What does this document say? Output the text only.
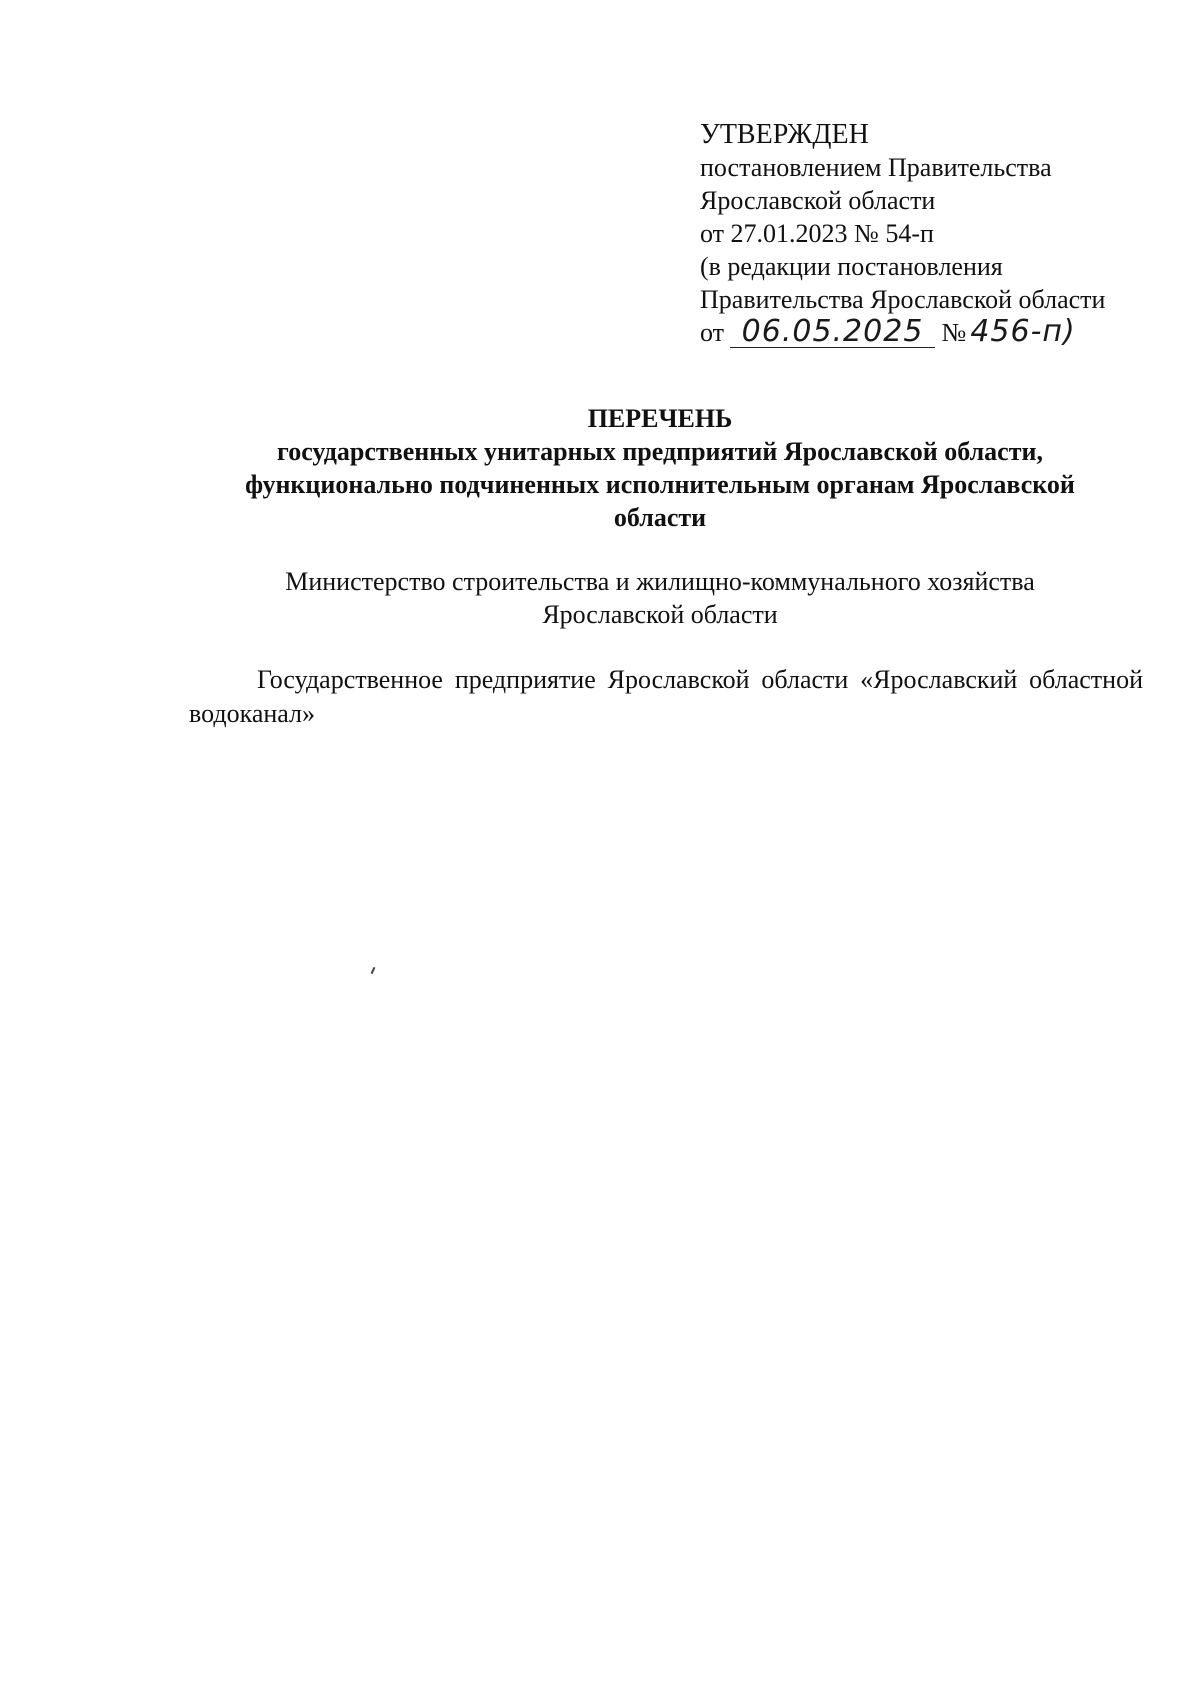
УТВЕРЖДЕН
постановлением Правительства
Ярославской области
от 27.01.2023 № 54-п
(в редакции постановления
Правительства Ярославской области
от 06.05.2025 № 456-п)
ПЕРЕЧЕНЬ
государственных унитарных предприятий Ярославской области,
функционально подчиненных исполнительным органам Ярославской
области
Министерство строительства и жилищно-коммунального хозяйства
Ярославской области
Государственное предприятие Ярославской области «Ярославский областной водоканал»
